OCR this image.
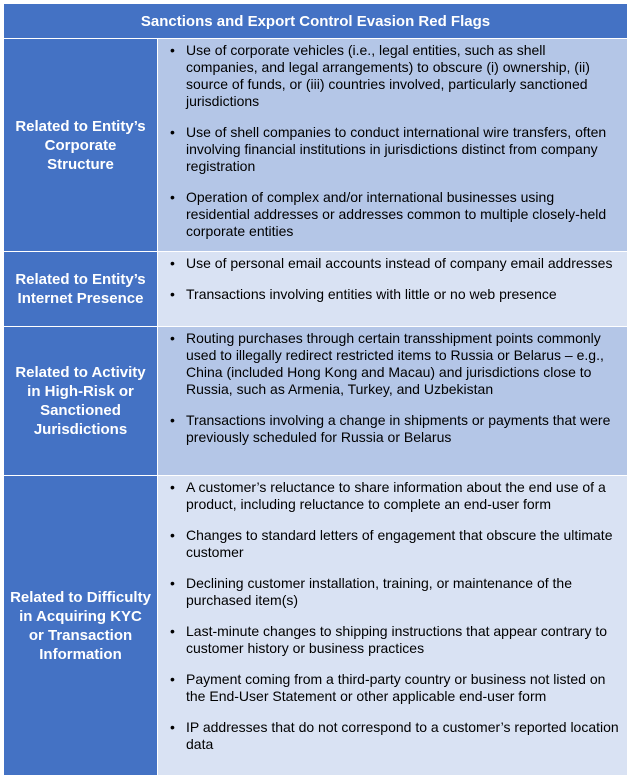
Sanctions and Export Control Evasion Red Flags
Related to Entity’s Corporate Structure
• Use of corporate vehicles (i.e., legal entities, such as shell companies, and legal arrangements) to obscure (i) ownership, (ii) source of funds, or (iii) countries involved, particularly sanctioned jurisdictions
• Use of shell companies to conduct international wire transfers, often involving financial institutions in jurisdictions distinct from company registration
• Operation of complex and/or international businesses using residential addresses or addresses common to multiple closely-held corporate entities
Related to Entity’s Internet Presence
• Use of personal email accounts instead of company email addresses
• Transactions involving entities with little or no web presence
Related to Activity in High-Risk or Sanctioned Jurisdictions
• Routing purchases through certain transshipment points commonly used to illegally redirect restricted items to Russia or Belarus – e.g., China (included Hong Kong and Macau) and jurisdictions close to Russia, such as Armenia, Turkey, and Uzbekistan
• Transactions involving a change in shipments or payments that were previously scheduled for Russia or Belarus
Related to Difficulty in Acquiring KYC or Transaction Information
• A customer’s reluctance to share information about the end use of a product, including reluctance to complete an end-user form
• Changes to standard letters of engagement that obscure the ultimate customer
• Declining customer installation, training, or maintenance of the purchased item(s)
• Last-minute changes to shipping instructions that appear contrary to customer history or business practices
• Payment coming from a third-party country or business not listed on the End-User Statement or other applicable end-user form
• IP addresses that do not correspond to a customer’s reported location data
